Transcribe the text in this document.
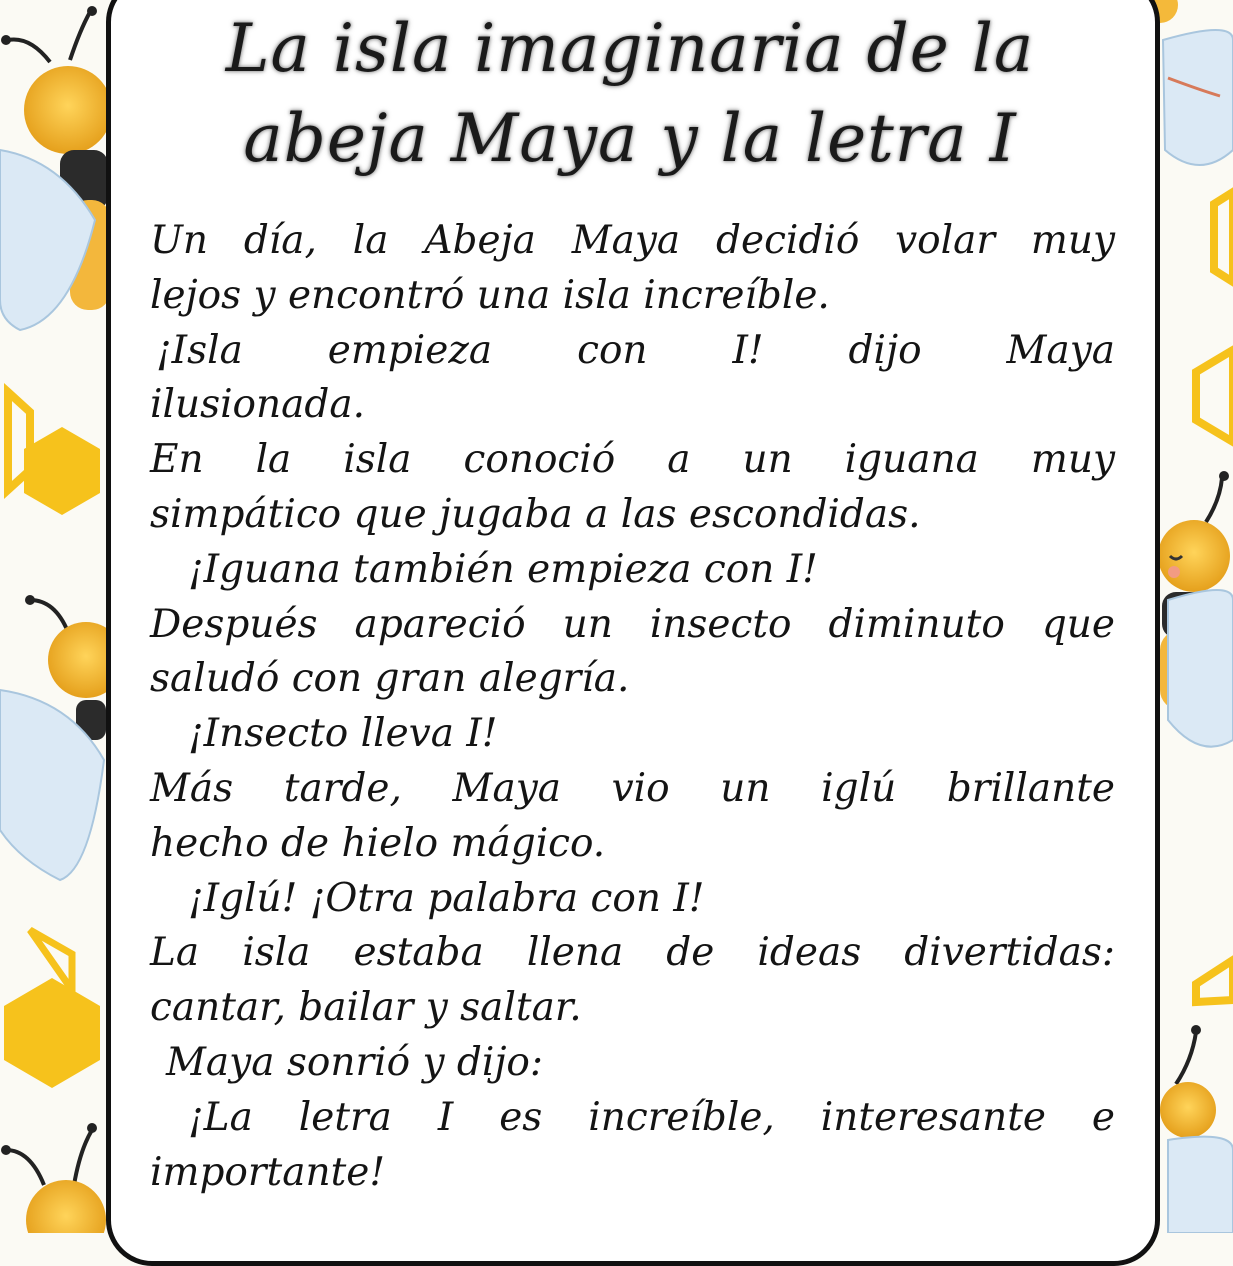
La isla imaginaria de la
abeja Maya y la letra I
Un día, la Abeja Maya decidió volar muy
lejos y encontró una isla increíble.
¡Isla empieza con I! dijo Maya
ilusionada.
En la isla conoció a un iguana muy
simpático que jugaba a las escondidas.
¡Iguana también empieza con I!
Después apareció un insecto diminuto que
saludó con gran alegría.
¡Insecto lleva I!
Más tarde, Maya vio un iglú brillante
hecho de hielo mágico.
¡Iglú! ¡Otra palabra con I!
La isla estaba llena de ideas divertidas:
cantar, bailar y saltar.
Maya sonrió y dijo:
¡La letra I es increíble, interesante e
importante!
